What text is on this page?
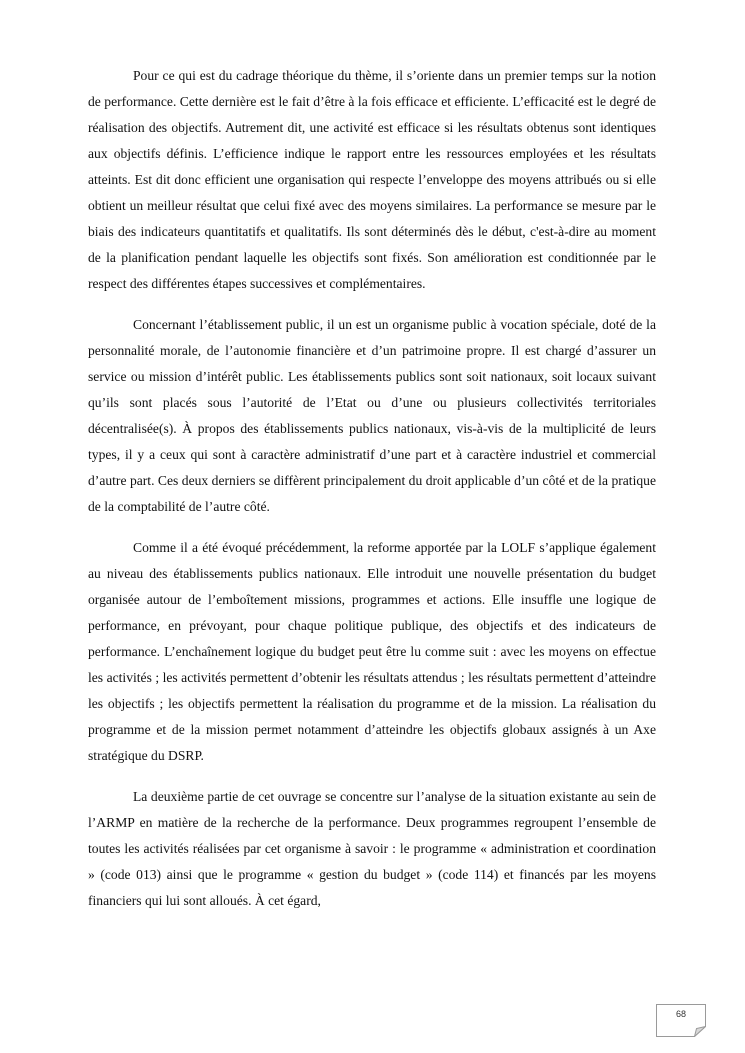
Pour ce qui est du cadrage théorique du thème, il s’oriente dans un premier temps sur la notion de performance. Cette dernière est le fait d’être à la fois efficace et efficiente. L’efficacité est le degré de réalisation des objectifs. Autrement dit, une activité est efficace si les résultats obtenus sont identiques aux objectifs définis. L’efficience indique le rapport entre les ressources employées et les résultats atteints. Est dit donc efficient une organisation qui respecte l’enveloppe des moyens attribués ou si elle obtient un meilleur résultat que celui fixé avec des moyens similaires. La performance se mesure par le biais des indicateurs quantitatifs et qualitatifs. Ils sont déterminés dès le début, c'est-à-dire au moment de la planification pendant laquelle les objectifs sont fixés. Son amélioration est conditionnée par le respect des différentes étapes successives et complémentaires.

Concernant l’établissement public, il un est un organisme public à vocation spéciale, doté de la personnalité morale, de l’autonomie financière et d’un patrimoine propre. Il est chargé d’assurer un service ou mission d’intérêt public. Les établissements publics sont soit nationaux, soit locaux suivant qu’ils sont placés sous l’autorité de l’Etat ou d’une ou plusieurs collectivités territoriales décentralisée(s). À propos des établissements publics nationaux, vis-à-vis de la multiplicité de leurs types, il y a ceux qui sont à caractère administratif d’une part et à caractère industriel et commercial d’autre part. Ces deux derniers se diffèrent principalement du droit applicable d’un côté et de la pratique de la comptabilité de l’autre côté.

Comme il a été évoqué précédemment, la reforme apportée par la LOLF s’applique également au niveau des établissements publics nationaux. Elle introduit une nouvelle présentation du budget organisée autour de l’emboîtement missions, programmes et actions. Elle insuffle une logique de performance, en prévoyant, pour chaque politique publique, des objectifs et des indicateurs de performance. L’enchaînement logique du budget peut être lu comme suit : avec les moyens on effectue les activités ; les activités permettent d’obtenir les résultats attendus ; les résultats permettent d’atteindre les objectifs ; les objectifs permettent la réalisation du programme et de la mission. La réalisation du programme et de la mission permet notamment d’atteindre les objectifs globaux assignés à un Axe stratégique du DSRP.

La deuxième partie de cet ouvrage se concentre sur l’analyse de la situation existante au sein de l’ARMP en matière de la recherche de la performance. Deux programmes regroupent l’ensemble de toutes les activités réalisées par cet organisme à savoir : le programme « administration et coordination » (code 013) ainsi que le programme « gestion du budget » (code 114) et financés par les moyens financiers qui lui sont alloués. À cet égard,

68
